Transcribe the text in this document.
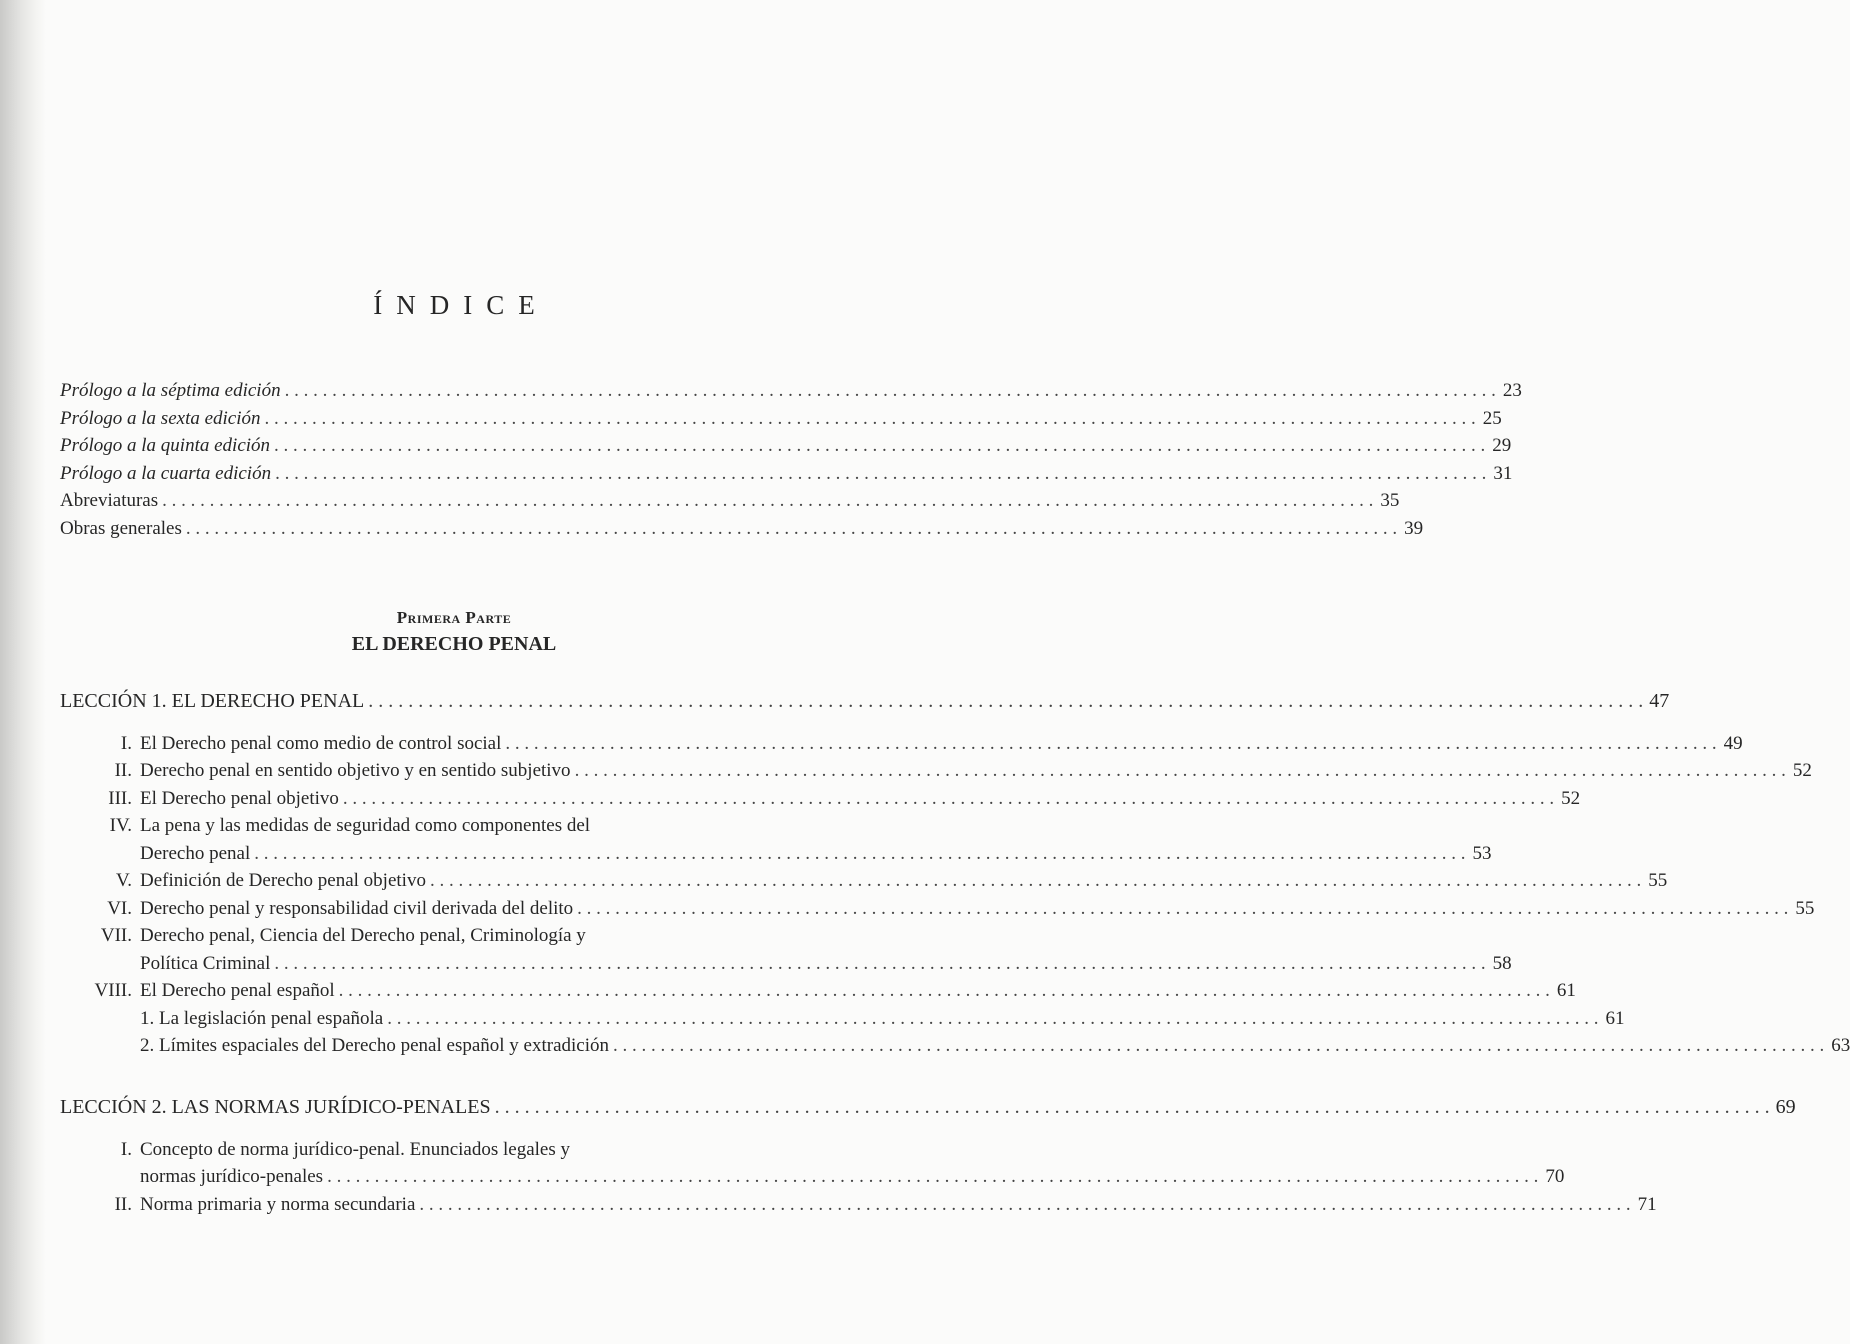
ÍNDICE
Prólogo a la séptima edición . . .	23
Prólogo a la sexta edición . . .	25
Prólogo a la quinta edición . . .	29
Prólogo a la cuarta edición . . .	31
Abreviaturas . . .	35
Obras generales . . .	39
Primera Parte
EL DERECHO PENAL
LECCIÓN 1. EL DERECHO PENAL . . .	47
I. El Derecho penal como medio de control social . . .	49
II. Derecho penal en sentido objetivo y en sentido subjetivo . . .	52
III. El Derecho penal objetivo . . .	52
IV. La pena y las medidas de seguridad como componentes del
Derecho penal . . .	53
V. Definición de Derecho penal objetivo . . .	55
VI. Derecho penal y responsabilidad civil derivada del delito . . .	55
VII. Derecho penal, Ciencia del Derecho penal, Criminología y
Política Criminal . . .	58
VIII. El Derecho penal español . . .	61
1. La legislación penal española . . .	61
2. Límites espaciales del Derecho penal español y extradición . . .	63
LECCIÓN 2. LAS NORMAS JURÍDICO-PENALES . . .	69
I. Concepto de norma jurídico-penal. Enunciados legales y
normas jurídico-penales . . .	70
II. Norma primaria y norma secundaria . . .	71
